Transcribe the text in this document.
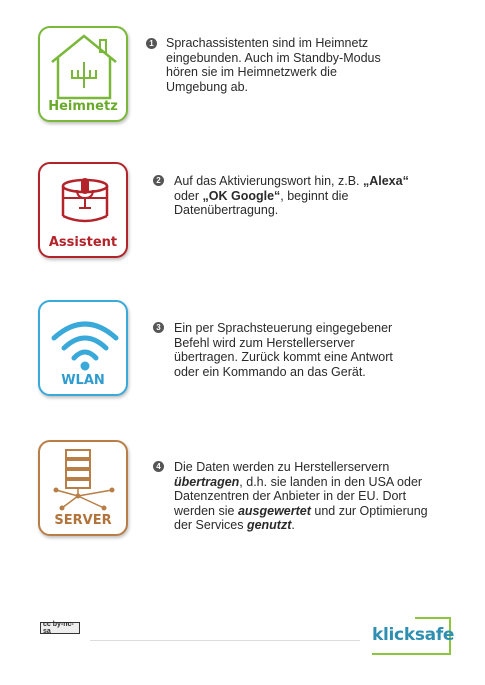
Heimnetz
1 Sprachassistenten sind im Heimnetz eingebunden. Auch im Standby-Modus hören sie im Heimnetzwerk die Umgebung ab.
Assistent
2 Auf das Aktivierungswort hin, z.B. „Alexa“ oder „OK Google“, beginnt die Datenübertragung.
WLAN
3 Ein per Sprachsteuerung eingegebener Befehl wird zum Herstellerserver übertragen. Zurück kommt eine Antwort oder ein Kommando an das Gerät.
SERVER
4 Die Daten werden zu Herstellerservern übertragen, d.h. sie landen in den USA oder Datenzentren der Anbieter in der EU. Dort werden sie ausgewertet und zur Optimierung der Services genutzt.
cc by-nc-sa	klicksafe
